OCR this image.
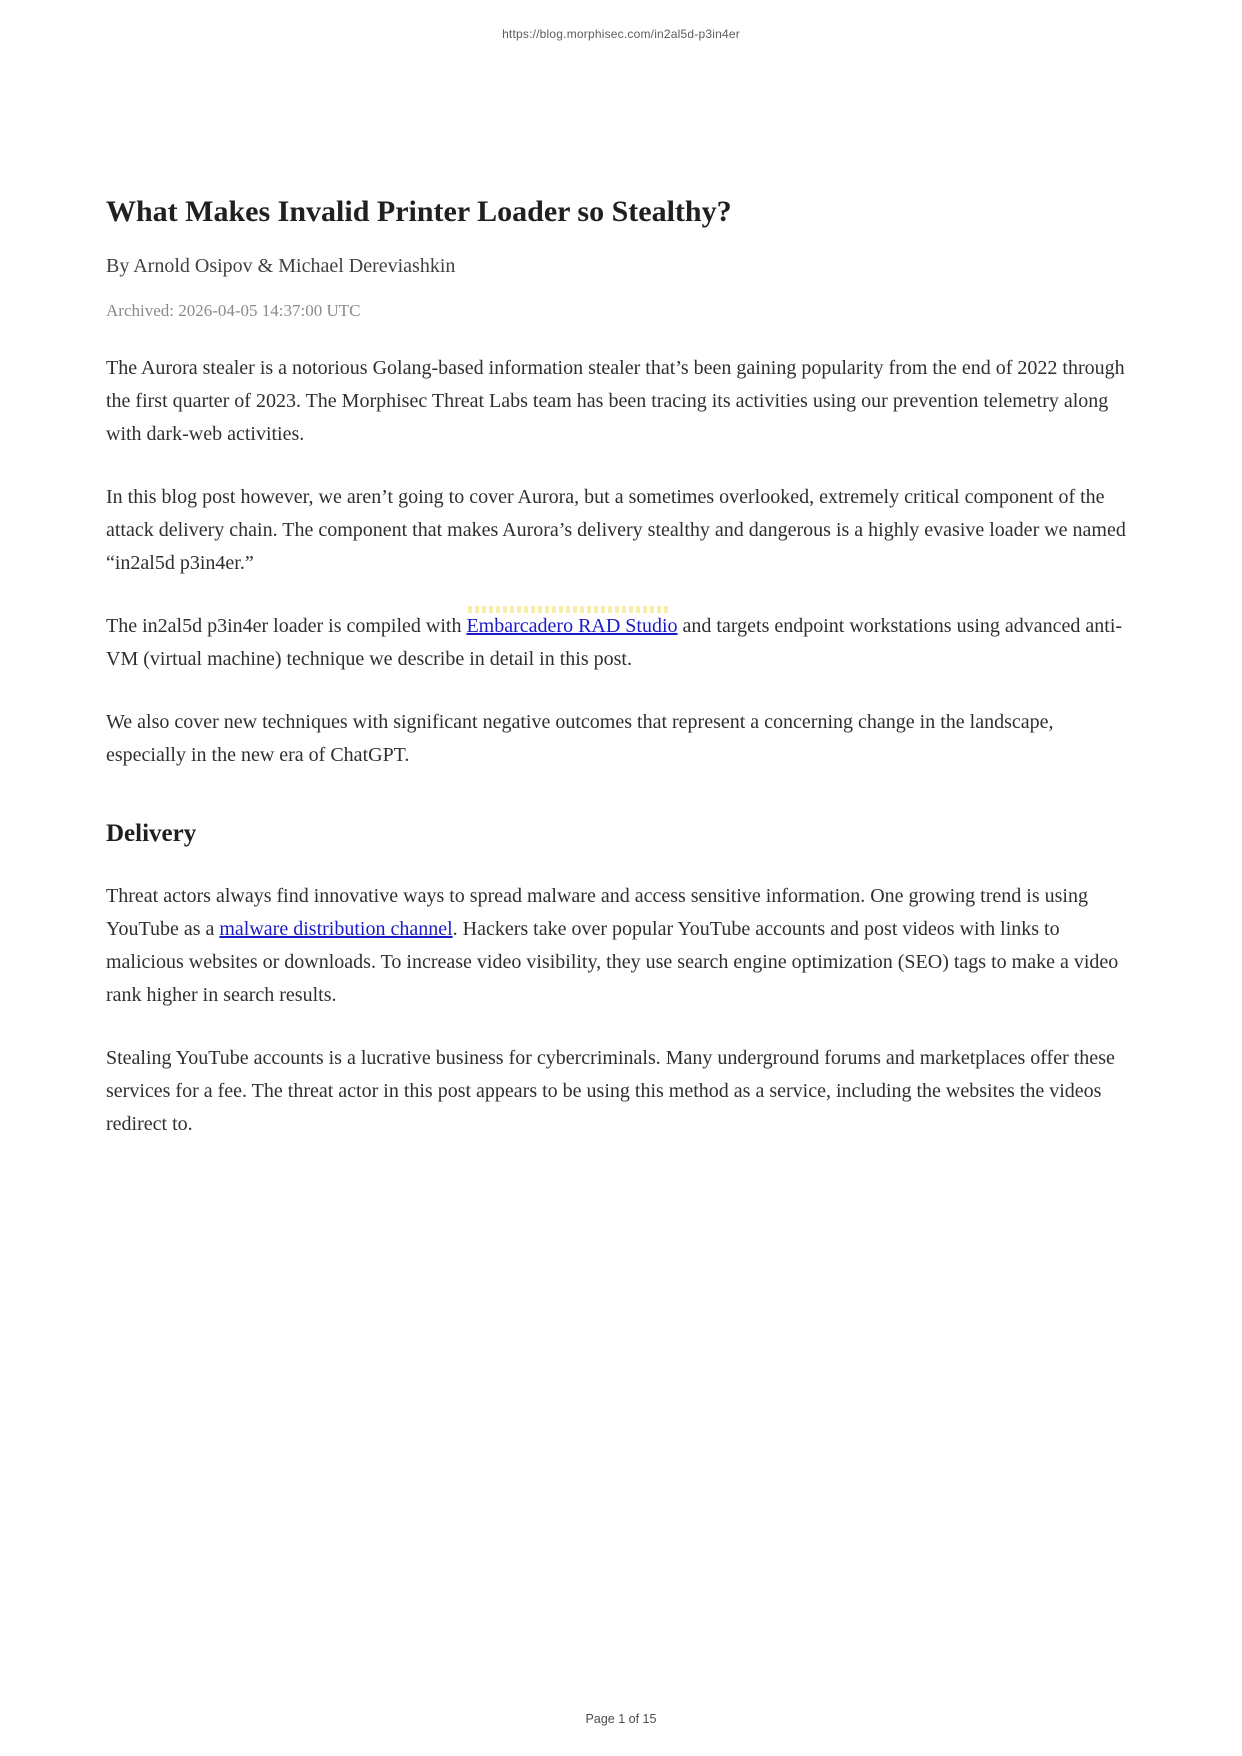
https://blog.morphisec.com/in2al5d-p3in4er
What Makes Invalid Printer Loader so Stealthy?

By Arnold Osipov & Michael Dereviashkin

Archived: 2026-04-05 14:37:00 UTC

The Aurora stealer is a notorious Golang-based information stealer that’s been gaining popularity from the end of 2022 through the first quarter of 2023. The Morphisec Threat Labs team has been tracing its activities using our prevention telemetry along with dark-web activities.

In this blog post however, we aren’t going to cover Aurora, but a sometimes overlooked, extremely critical component of the attack delivery chain. The component that makes Aurora’s delivery stealthy and dangerous is a highly evasive loader we named “in2al5d p3in4er.”

The in2al5d p3in4er loader is compiled with
Embarcadero RAD Studio and targets endpoint workstations using advanced anti-VM (virtual machine) technique we describe in detail in this post.

We also cover new techniques with significant negative outcomes that represent a concerning change in the landscape, especially in the new era of ChatGPT.

Delivery

Threat actors always find innovative ways to spread malware and access sensitive information. One growing trend is using YouTube as a malware distribution channel. Hackers take over popular YouTube accounts and post videos with links to malicious websites or downloads. To increase video visibility, they use search engine optimization (SEO) tags to make a video rank higher in search results.

Stealing YouTube accounts is a lucrative business for cybercriminals. Many underground forums and marketplaces offer these services for a fee. The threat actor in this post appears to be using this method as a service, including the websites the videos redirect to.

Page 1 of 15
